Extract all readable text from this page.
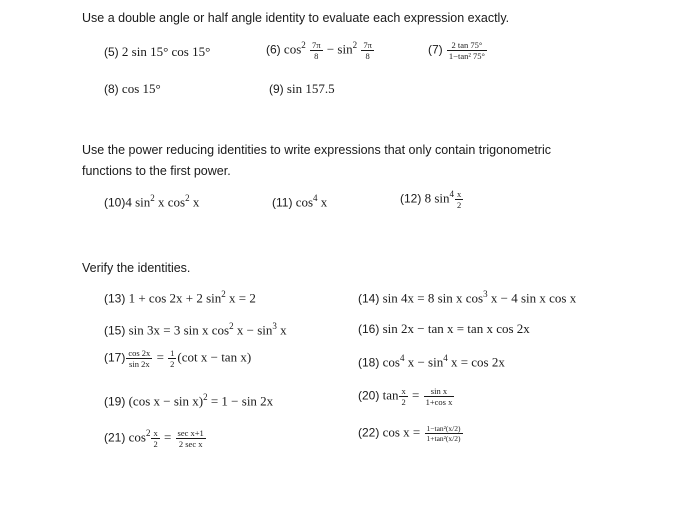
Use a double angle or half angle identity to evaluate each expression exactly.
(5) 2 sin 15° cos 15°	(6) $\cos^2 \frac{7\pi}{8} - \sin^2 \frac{7\pi}{8}$	$(7) \frac{2 \tan 75^\circ}{\text{1−tan² 75°}}$
(8) cos 15°	(9) sin 157.5
Use the power reducing identities to write expressions that only contain trigonometric
functions to the first power.
(10)4 $\sin^2 x$ $\cos^2 x$	(11) $\cos^4 x$	(12) 8 $\sin^4 \frac{x}{2}$
Verify the identities.
(13) 1 + cos 2x + 2 $\sin^2 x = 2$	(14) sin 4x = 8 sin x $\cos^3 x - 4$ sin x cos x
(15) sin 3x = 3 sin x $\cos^2 x - \sin^3 x$	(16) sin 2x − tan x = tan x cos 2x
$(17) \frac{\cos 2x}{\sin 2x} = \frac{1}{2} (\cot$ x − tan x)	(18) $\cos^4 x - \sin^4 x = \cos 2x$
(19) (cos x − sin x)$^2$ = 1 − sin 2x	(20) $\tan \frac{x}{2} = \frac{\text{sin x}}{\text{1+cos x}}$
(21) $\cos^2 \frac{x}{2} = \frac{\text{sec x+1}}{\text{2 sec x}}$	(22) $\cos x = \frac{\text{1−tan²(x/2)}}{\text{1+tan²(x/2)}}$
